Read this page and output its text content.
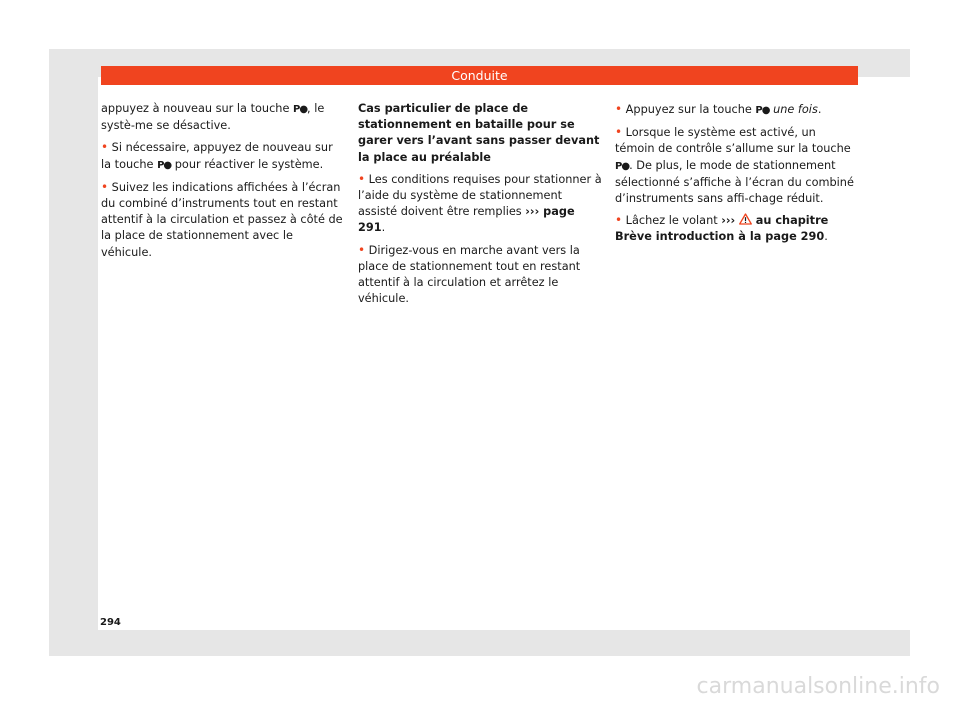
Conduite

appuyez à nouveau sur la touche P●, le systè-me se désactive.

• Si nécessaire, appuyez de nouveau sur la touche P● pour réactiver le système.

• Suivez les indications affichées à l’écran du combiné d’instruments tout en restant attentif à la circulation et passez à côté de la place de stationnement avec le véhicule.

Cas particulier de place de stationnement en bataille pour se garer vers l’avant sans passer devant la place au préalable

• Les conditions requises pour stationner à l’aide du système de stationnement assisté doivent être remplies ››› page 291.

• Dirigez-vous en marche avant vers la place de stationnement tout en restant attentif à la circulation et arrêtez le véhicule.

• Appuyez sur la touche P● une fois.

• Lorsque le système est activé, un témoin de contrôle s’allume sur la touche P●. De plus, le mode de stationnement sélectionné s’affiche à l’écran du combiné d’instruments sans affi-chage réduit.

• Lâchez le volant ›››  au chapitre Brève introduction à la page 290.

294
carmanualsonline.info
